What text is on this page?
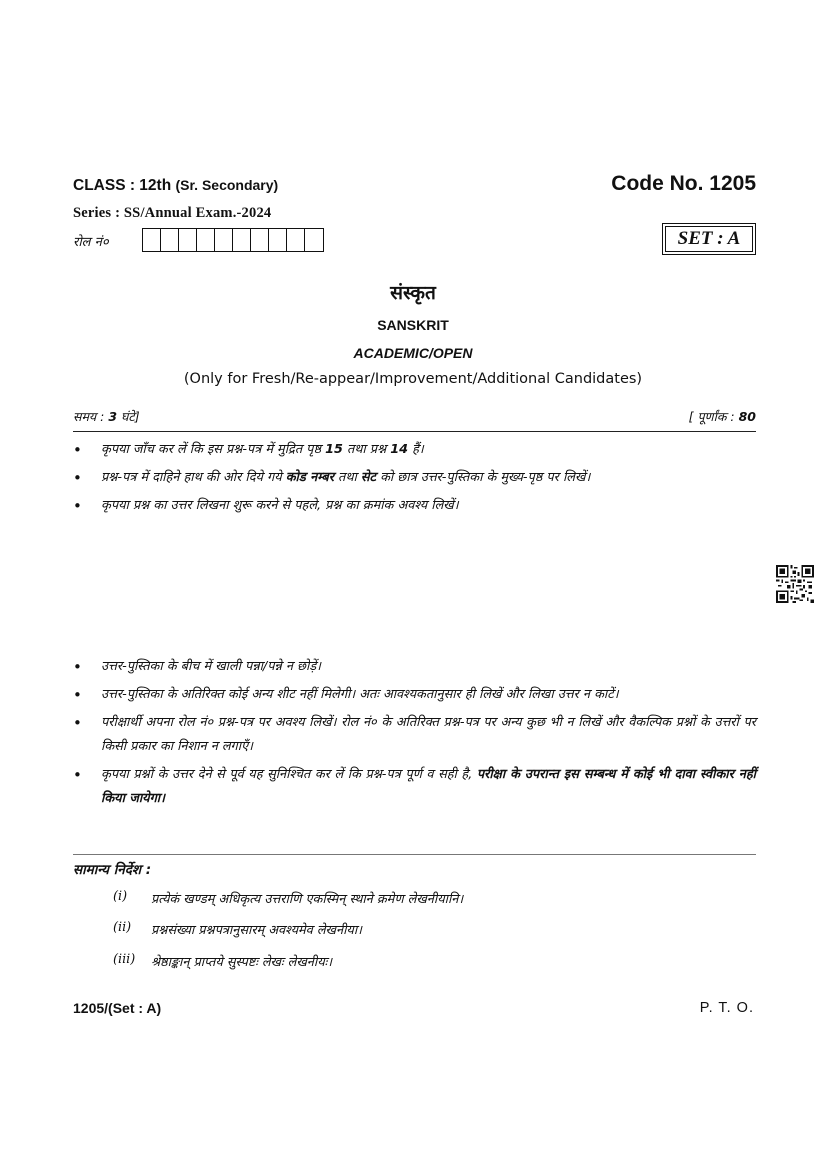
CLASS : 12th (Sr. Secondary)	Code No. 1205
Series : SS/Annual Exam.-2024
रोल नं०	SET : A
संस्कृत
SANSKRIT
ACADEMIC/OPEN
(Only for Fresh/Re-appear/Improvement/Additional Candidates)
समय : 3 घंटे]	[ पूर्णांक : 80
• कृपया जाँच कर लें कि इस प्रश्न-पत्र में मुद्रित पृष्ठ 15 तथा प्रश्न 14 हैं।
• प्रश्न-पत्र में दाहिने हाथ की ओर दिये गये कोड नम्बर तथा सेट को छात्र उत्तर-पुस्तिका के मुख्य-पृष्ठ पर लिखें।
• कृपया प्रश्न का उत्तर लिखना शुरू करने से पहले, प्रश्न का क्रमांक अवश्य लिखें।
• उत्तर-पुस्तिका के बीच में खाली पन्ना/पन्ने न छोड़ें।
• उत्तर-पुस्तिका के अतिरिक्त कोई अन्य शीट नहीं मिलेगी। अतः आवश्यकतानुसार ही लिखें और लिखा उत्तर न काटें।
• परीक्षार्थी अपना रोल नं० प्रश्न-पत्र पर अवश्य लिखें। रोल नं० के अतिरिक्त प्रश्न-पत्र पर अन्य कुछ भी न लिखें और वैकल्पिक प्रश्नों के उत्तरों पर किसी प्रकार का निशान न लगाएँ।
• कृपया प्रश्नों के उत्तर देने से पूर्व यह सुनिश्चित कर लें कि प्रश्न-पत्र पूर्ण व सही है, परीक्षा के उपरान्त इस सम्बन्ध में कोई भी दावा स्वीकार नहीं किया जायेगा।
सामान्य निर्देश :
(i)	प्रत्येकं खण्डम् अधिकृत्य उत्तराणि एकस्मिन् स्थाने क्रमेण लेखनीयानि।
(ii)	प्रश्नसंख्या प्रश्नपत्रानुसारम् अवश्यमेव लेखनीया।
(iii)	श्रेष्ठाङ्कान् प्राप्तये सुस्पष्टः लेखः लेखनीयः।
1205/(Set : A)	P. T. O.
